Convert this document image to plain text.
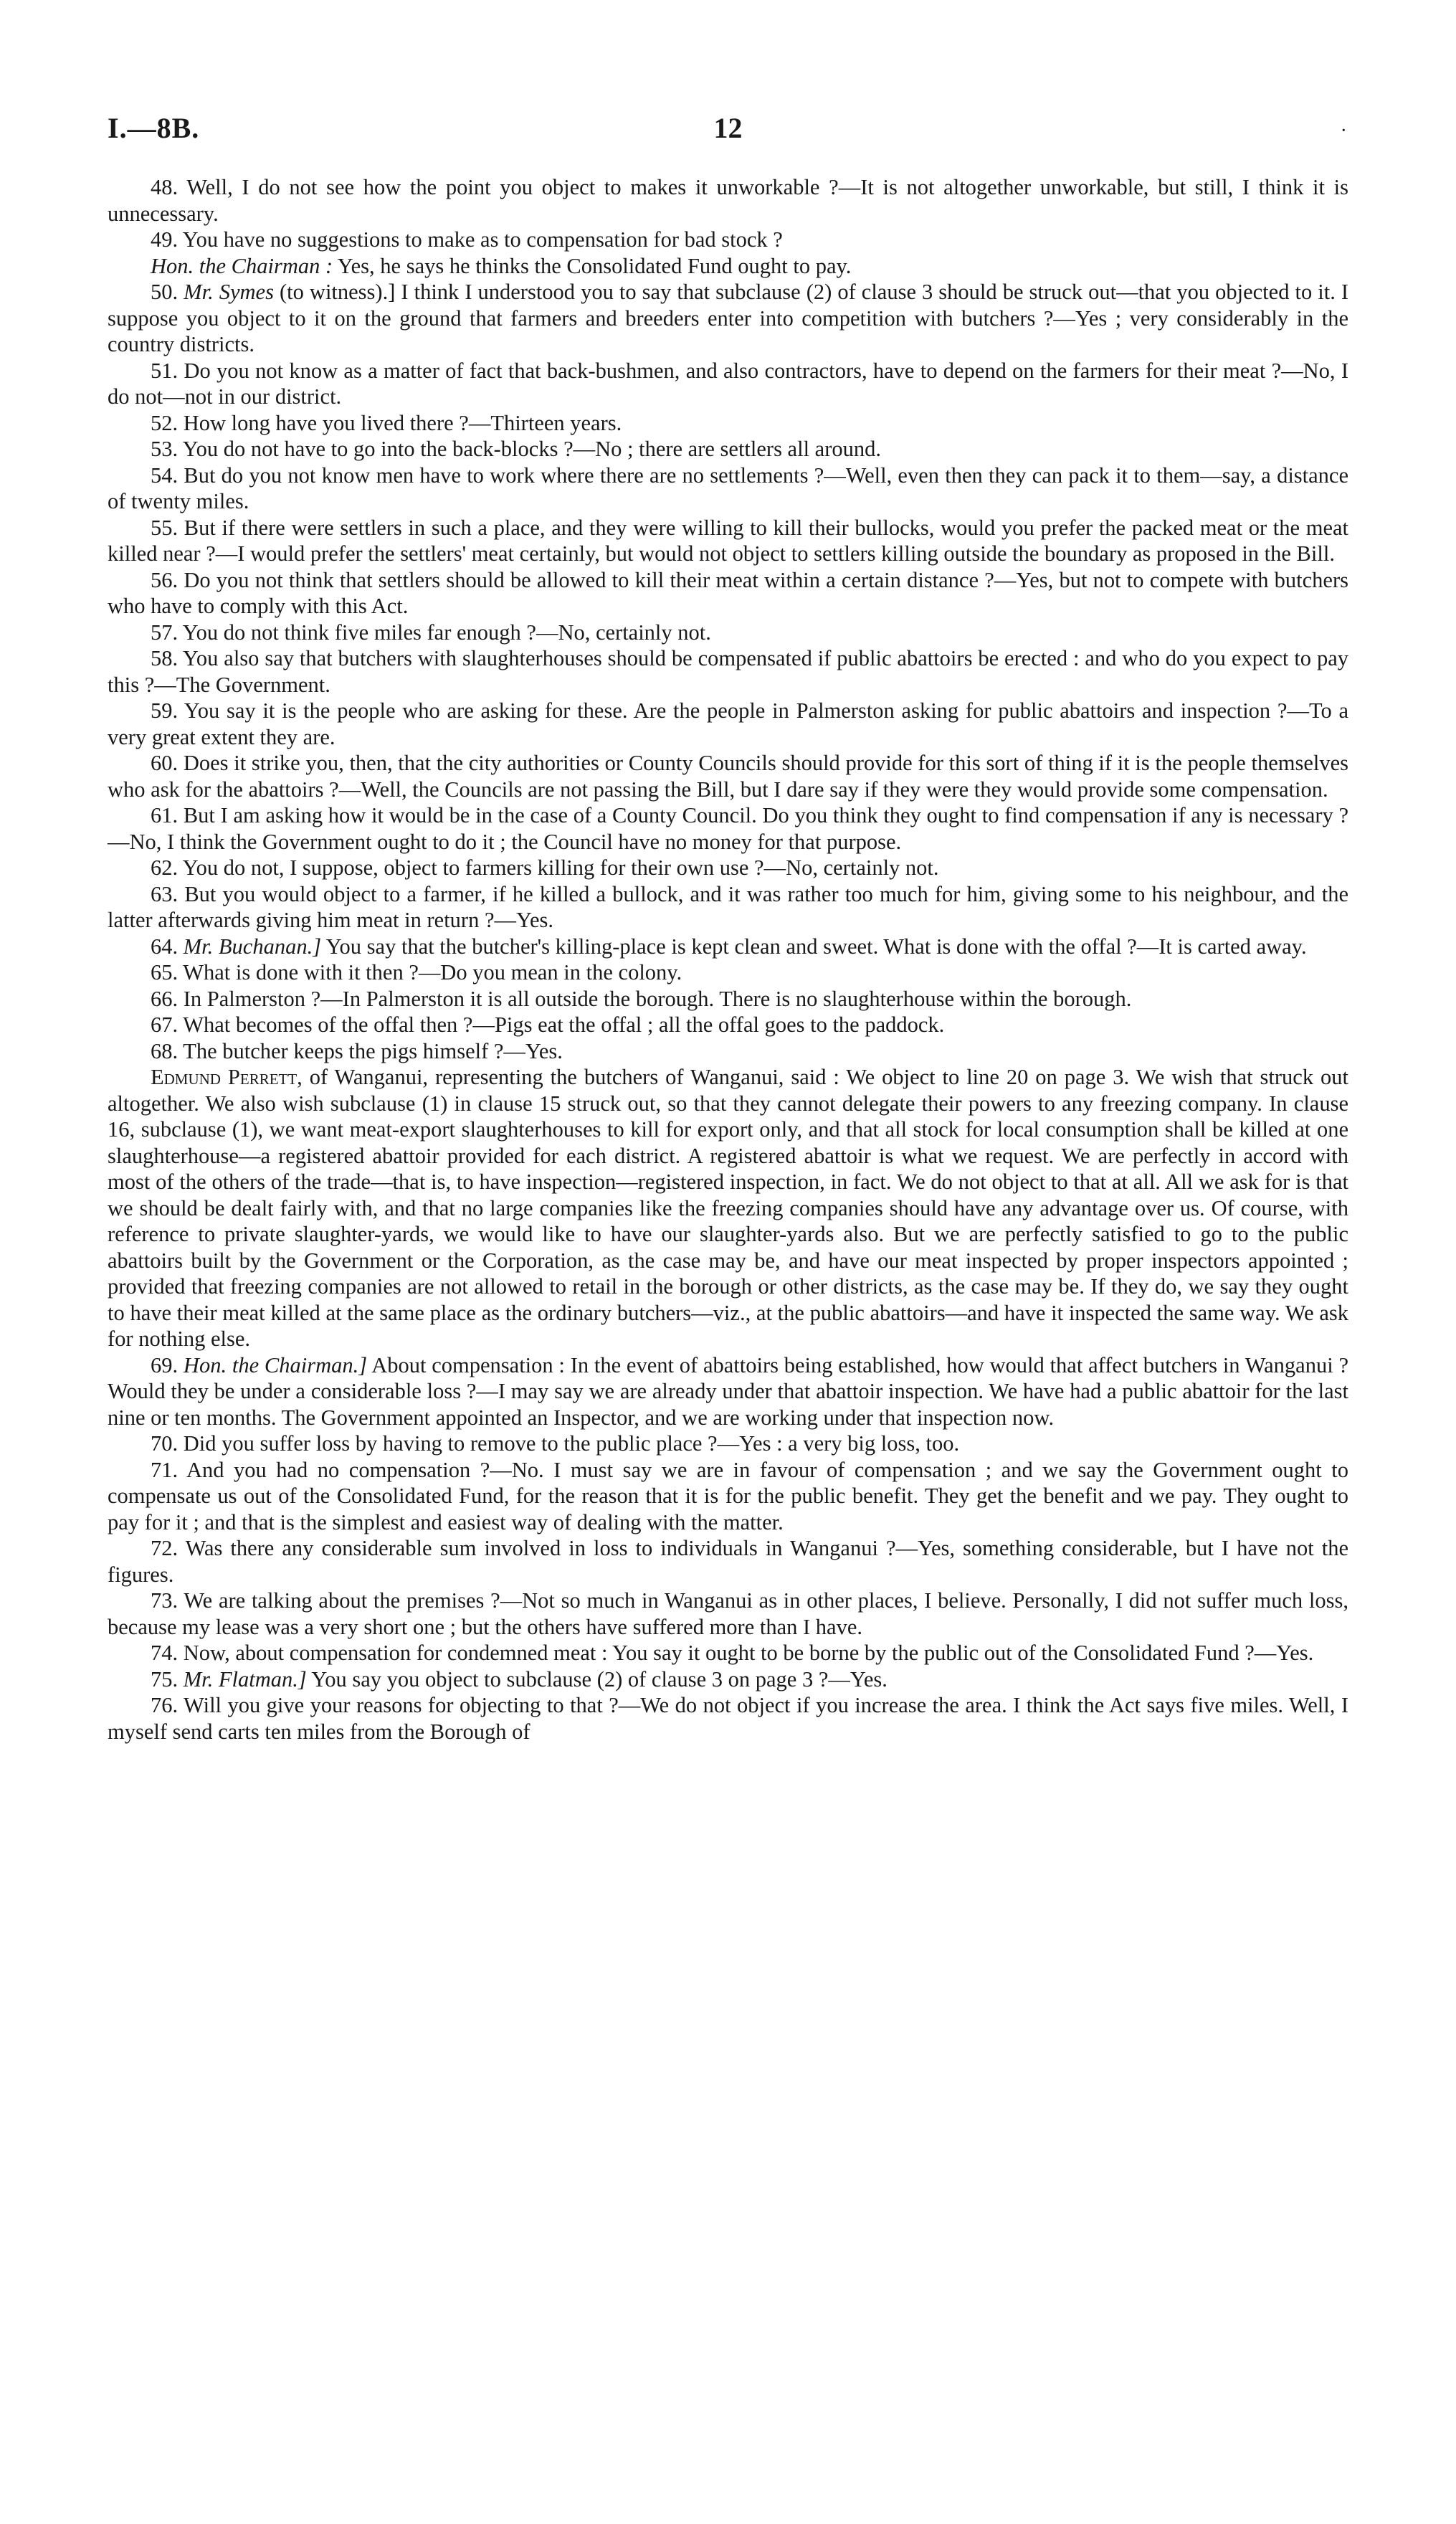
I.—8B.	12	·

48. Well, I do not see how the point you object to makes it unworkable ?—It is not altogether unworkable, but still, I think it is unnecessary.

49. You have no suggestions to make as to compensation for bad stock ?

Hon. the Chairman : Yes, he says he thinks the Consolidated Fund ought to pay.

50. Mr. Symes (to witness).] I think I understood you to say that subclause (2) of clause 3 should be struck out—that you objected to it. I suppose you object to it on the ground that farmers and breeders enter into competition with butchers ?—Yes ; very considerably in the country districts.

51. Do you not know as a matter of fact that back-bushmen, and also contractors, have to depend on the farmers for their meat ?—No, I do not—not in our district.

52. How long have you lived there ?—Thirteen years.

53. You do not have to go into the back-blocks ?—No ; there are settlers all around.

54. But do you not know men have to work where there are no settlements ?—Well, even then they can pack it to them—say, a distance of twenty miles.

55. But if there were settlers in such a place, and they were willing to kill their bullocks, would you prefer the packed meat or the meat killed near ?—I would prefer the settlers' meat certainly, but would not object to settlers killing outside the boundary as proposed in the Bill.

56. Do you not think that settlers should be allowed to kill their meat within a certain distance ?—Yes, but not to compete with butchers who have to comply with this Act.

57. You do not think five miles far enough ?—No, certainly not.

58. You also say that butchers with slaughterhouses should be compensated if public abattoirs be erected : and who do you expect to pay this ?—The Government.

59. You say it is the people who are asking for these. Are the people in Palmerston asking for public abattoirs and inspection ?—To a very great extent they are.

60. Does it strike you, then, that the city authorities or County Councils should provide for this sort of thing if it is the people themselves who ask for the abattoirs ?—Well, the Councils are not passing the Bill, but I dare say if they were they would provide some compensation.

61. But I am asking how it would be in the case of a County Council. Do you think they ought to find compensation if any is necessary ?—No, I think the Government ought to do it ; the Council have no money for that purpose.

62. You do not, I suppose, object to farmers killing for their own use ?—No, certainly not.

63. But you would object to a farmer, if he killed a bullock, and it was rather too much for him, giving some to his neighbour, and the latter afterwards giving him meat in return ?—Yes.

64. Mr. Buchanan.] You say that the butcher's killing-place is kept clean and sweet. What is done with the offal ?—It is carted away.

65. What is done with it then ?—Do you mean in the colony.

66. In Palmerston ?—In Palmerston it is all outside the borough. There is no slaughterhouse within the borough.

67. What becomes of the offal then ?—Pigs eat the offal ; all the offal goes to the paddock.

68. The butcher keeps the pigs himself ?—Yes.

Edmund Perrett, of Wanganui, representing the butchers of Wanganui, said : We object to line 20 on page 3. We wish that struck out altogether. We also wish subclause (1) in clause 15 struck out, so that they cannot delegate their powers to any freezing company. In clause 16, subclause (1), we want meat-export slaughterhouses to kill for export only, and that all stock for local consumption shall be killed at one slaughterhouse—a registered abattoir provided for each district. A registered abattoir is what we request. We are perfectly in accord with most of the others of the trade—that is, to have inspection—registered inspection, in fact. We do not object to that at all. All we ask for is that we should be dealt fairly with, and that no large companies like the freezing companies should have any advantage over us. Of course, with reference to private slaughter-yards, we would like to have our slaughter-yards also. But we are perfectly satisfied to go to the public abattoirs built by the Government or the Corporation, as the case may be, and have our meat inspected by proper inspectors appointed ; provided that freezing companies are not allowed to retail in the borough or other districts, as the case may be. If they do, we say they ought to have their meat killed at the same place as the ordinary butchers—viz., at the public abattoirs—and have it inspected the same way. We ask for nothing else.

69. Hon. the Chairman.] About compensation : In the event of abattoirs being established, how would that affect butchers in Wanganui ? Would they be under a considerable loss ?—I may say we are already under that abattoir inspection. We have had a public abattoir for the last nine or ten months. The Government appointed an Inspector, and we are working under that inspection now.

70. Did you suffer loss by having to remove to the public place ?—Yes : a very big loss, too.

71. And you had no compensation ?—No. I must say we are in favour of compensation ; and we say the Government ought to compensate us out of the Consolidated Fund, for the reason that it is for the public benefit. They get the benefit and we pay. They ought to pay for it ; and that is the simplest and easiest way of dealing with the matter.

72. Was there any considerable sum involved in loss to individuals in Wanganui ?—Yes, something considerable, but I have not the figures.

73. We are talking about the premises ?—Not so much in Wanganui as in other places, I believe. Personally, I did not suffer much loss, because my lease was a very short one ; but the others have suffered more than I have.

74. Now, about compensation for condemned meat : You say it ought to be borne by the public out of the Consolidated Fund ?—Yes.

75. Mr. Flatman.] You say you object to subclause (2) of clause 3 on page 3 ?—Yes.

76. Will you give your reasons for objecting to that ?—We do not object if you increase the area. I think the Act says five miles. Well, I myself send carts ten miles from the Borough of
